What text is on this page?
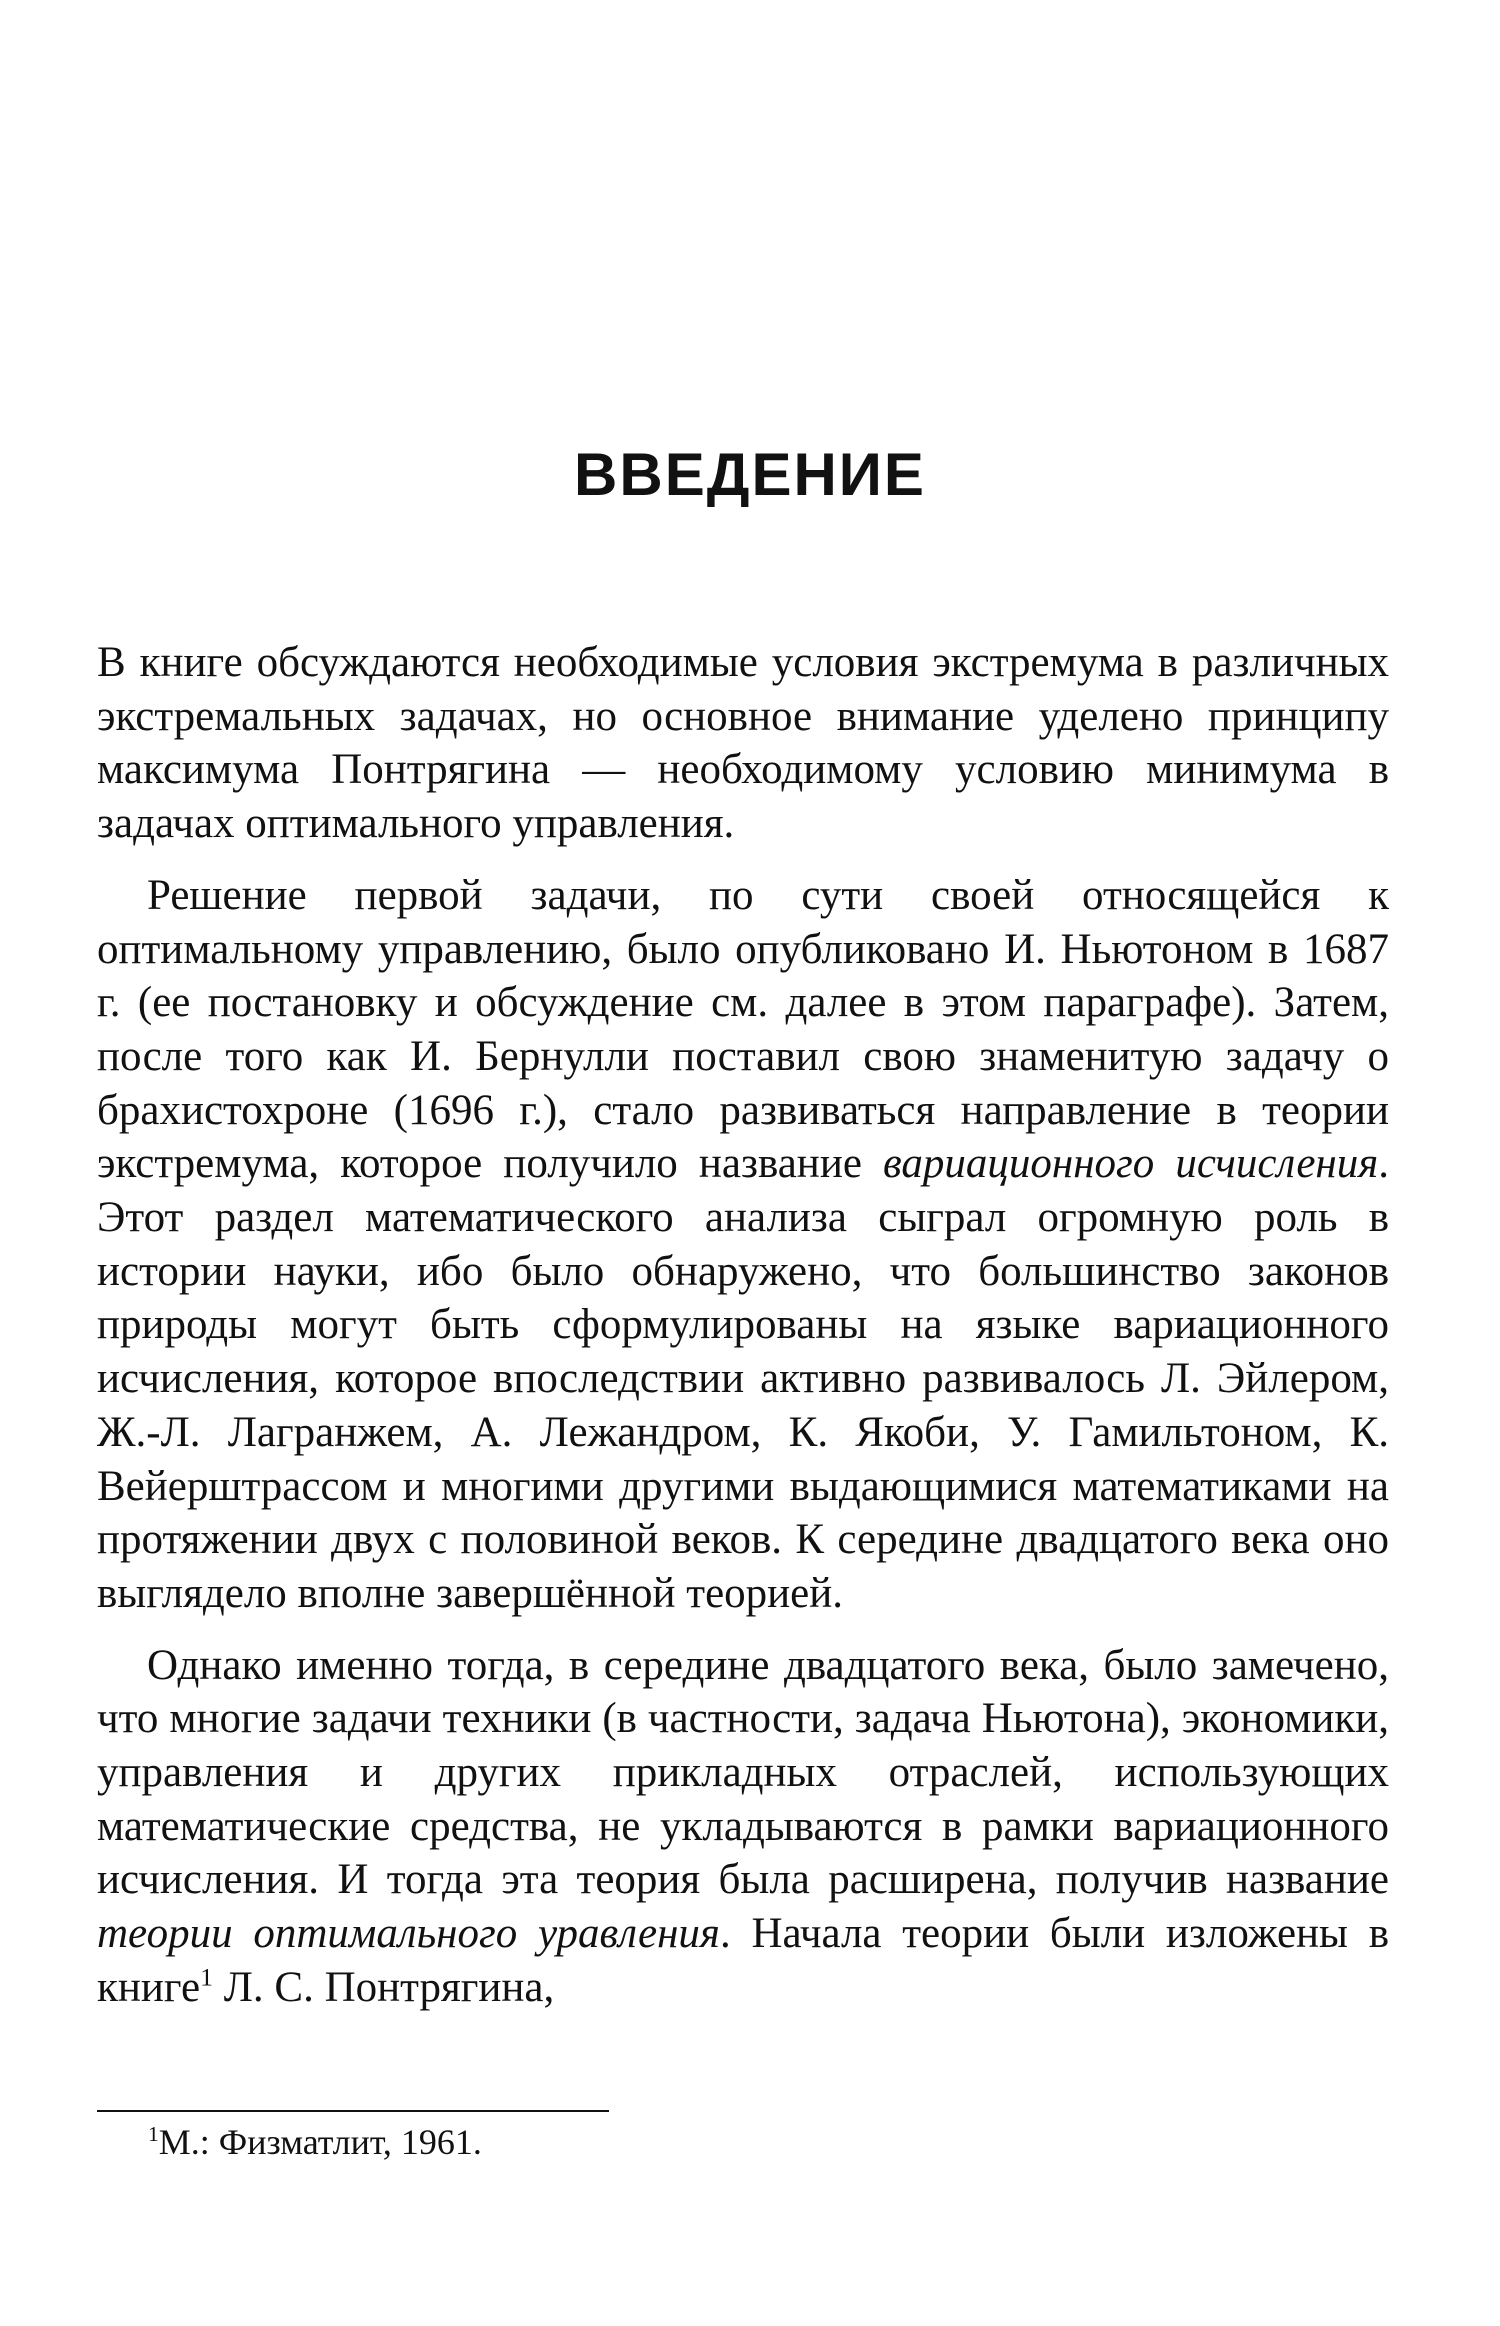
ВВЕДЕНИЕ

В книге обсуждаются необходимые условия экстремума в различных экстремальных задачах, но основное внимание уделено принципу максимума Понтрягина — необходимому условию минимума в задачах оптимального управления.

Решение первой задачи, по сути своей относящейся к оптимальному управлению, было опубликовано И. Ньютоном в 1687 г. (ее постановку и обсуждение см. далее в этом параграфе). Затем, после того как И. Бернулли поставил свою знаменитую задачу о брахистохроне (1696 г.), стало развиваться направление в теории экстремума, которое получило название вариационного исчисления. Этот раздел математического анализа сыграл огромную роль в истории науки, ибо было обнаружено, что большинство законов природы могут быть сформулированы на языке вариационного исчисления, которое впоследствии активно развивалось Л. Эйлером, Ж.-Л. Лагранжем, А. Лежандром, К. Якоби, У. Гамильтоном, К. Вейерштрассом и многими другими выдающимися математиками на протяжении двух с половиной веков. К середине двадцатого века оно выглядело вполне завершённой теорией.

Однако именно тогда, в середине двадцатого века, было замечено, что многие задачи техники (в частности, задача Ньютона), экономики, управления и других прикладных отраслей, использующих математические средства, не укладываются в рамки вариационного исчисления. И тогда эта теория была расширена, получив название теории оптимального уравления. Начала теории были изложены в книге$^1$ Л. С. Понтрягина,

$^1$М.: Физматлит, 1961.
